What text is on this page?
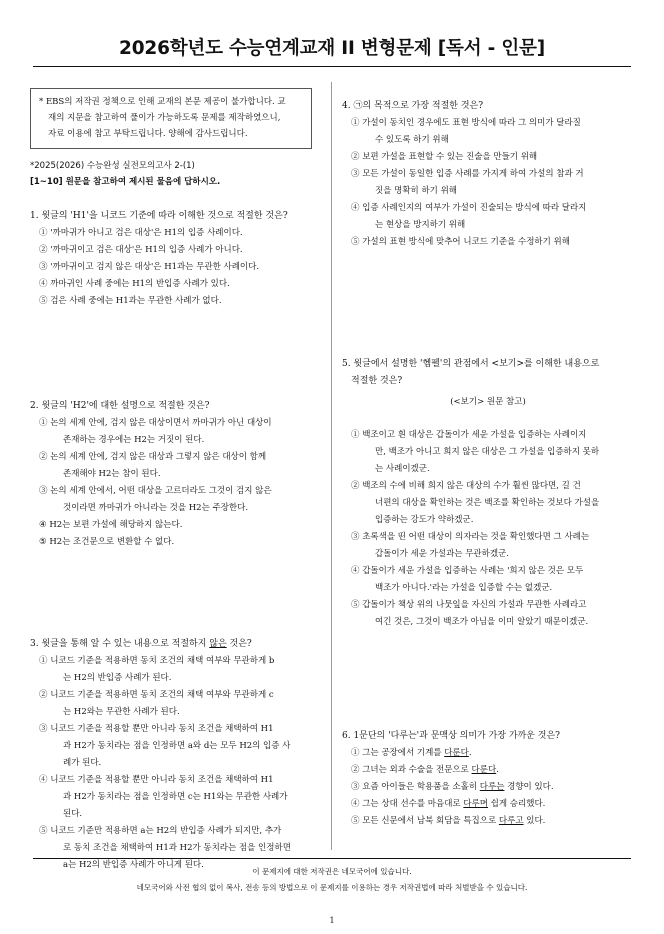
2026학년도 수능연계교재 II 변형문제 [독서 - 인문]

* EBS의 저작권 정책으로 인해 교재의 본문 제공이 불가합니다. 교

재의 지문을 참고하여 풀이가 가능하도록 문제를 제작하였으니,

자료 이용에 참고 부탁드립니다. 양해에 감사드립니다.

*2025(2026) 수능완성 실전모의고사 2-(1)
[1~10] 원문을 참고하여 제시된 물음에 답하시오.

1. 윗글의 'H1'을 니코드 기준에 따라 이해한 것으로 적절한 것은?

① '까마귀가 아니고 검은 대상'은 H1의 입증 사례이다.
② '까마귀이고 검은 대상'은 H1의 입증 사례가 아니다.
③ '까마귀이고 검지 않은 대상'은 H1과는 무관한 사례이다.
④ 까마귀인 사례 중에는 H1의 반입증 사례가 있다.
⑤ 검은 사례 중에는 H1과는 무관한 사례가 없다.

2. 윗글의 'H2'에 대한 설명으로 적절한 것은?

① 논의 세계 안에, 검지 않은 대상이면서 까마귀가 아닌 대상이
존재하는 경우에는 H2는 거짓이 된다.
② 논의 세계 안에, 검지 않은 대상과 그렇지 않은 대상이 함께
존재해야 H2는 참이 된다.
③ 논의 세계 안에서, 어떤 대상을 고르더라도 그것이 검지 않은
것이라면 까마귀가 아니라는 것을 H2는 주장한다.
④ H2는 보편 가설에 해당하지 않는다.
⑤ H2는 조건문으로 변환할 수 없다.

3. 윗글을 통해 알 수 있는 내용으로 적절하지 않은 것은?

① 니코드 기준을 적용하면 동치 조건의 채택 여부와 무관하게 b
는 H2의 반입증 사례가 된다.
② 니코드 기준을 적용하면 동치 조건의 채택 여부와 무관하게 c
는 H2와는 무관한 사례가 된다.
③ 니코드 기준을 적용할 뿐만 아니라 동치 조건을 채택하여 H1
과 H2가 동치라는 점을 인정하면 a와 d는 모두 H2의 입증 사
례가 된다.
④ 니코드 기준을 적용할 뿐만 아니라 동치 조건을 채택하여 H1
과 H2가 동치라는 점을 인정하면 c는 H1와는 무관한 사례가
된다.
⑤ 니코드 기준만 적용하면 a는 H2의 반입증 사례가 되지만, 추가
로 동치 조건을 채택하여 H1과 H2가 동치라는 점을 인정하면
a는 H2의 반입증 사례가 아니게 된다.

4. ㉠의 목적으로 가장 적절한 것은?

① 가설이 동치인 경우에도 표현 방식에 따라 그 의미가 달라질
수 있도록 하기 위해
② 보편 가설을 표현할 수 있는 진술을 만들기 위해
③ 모든 가설이 동일한 입증 사례를 가지게 하여 가설의 참과 거
짓을 명확히 하기 위해
④ 입증 사례인지의 여부가 가설이 진술되는 방식에 따라 달라지
는 현상을 방지하기 위해
⑤ 가설의 표현 방식에 맞추어 니코드 기준을 수정하기 위해

5. 윗글에서 설명한 '헴펠'의 관점에서 <보기>를 이해한 내용으로
적절한 것은?

(<보기> 원문 참고)
① 백조이고 흰 대상은 갑돌이가 세운 가설을 입증하는 사례이지
만, 백조가 아니고 희지 않은 대상은 그 가설을 입증하지 못하
는 사례이겠군.
② 백조의 수에 비해 희지 않은 대상의 수가 훨씬 많다면, 길 건
너편의 대상을 확인하는 것은 백조를 확인하는 것보다 가설을
입증하는 강도가 약하겠군.
③ 초록색을 띤 어떤 대상이 의자라는 것을 확인했다면 그 사례는
갑돌이가 세운 가설과는 무관하겠군.
④ 갑돌이가 세운 가설을 입증하는 사례는 '희지 않은 것은 모두
백조가 아니다.'라는 가설을 입증할 수는 없겠군.
⑤ 갑돌이가 책상 위의 나뭇잎을 자신의 가설과 무관한 사례라고
여긴 것은, 그것이 백조가 아님을 이미 알았기 때문이겠군.

6. 1문단의 '다루는'과 문맥상 의미가 가장 가까운 것은?

① 그는 공장에서 기계를 다룬다.
② 그녀는 외과 수술을 전문으로 다룬다.
③ 요즘 아이들은 학용품을 소홀히 다루는 경향이 있다.
④ 그는 상대 선수를 마음대로 다루며 쉽게 승리했다.
⑤ 모든 신문에서 남북 회담을 특집으로 다루고 있다.
이 문제지에 대한 저작권은 네모국어에 있습니다.
네모국어와 사전 협의 없이 복사, 전송 등의 방법으로 이 문제지를 이용하는 경우 저작권법에 따라 처벌받을 수 있습니다.
1
